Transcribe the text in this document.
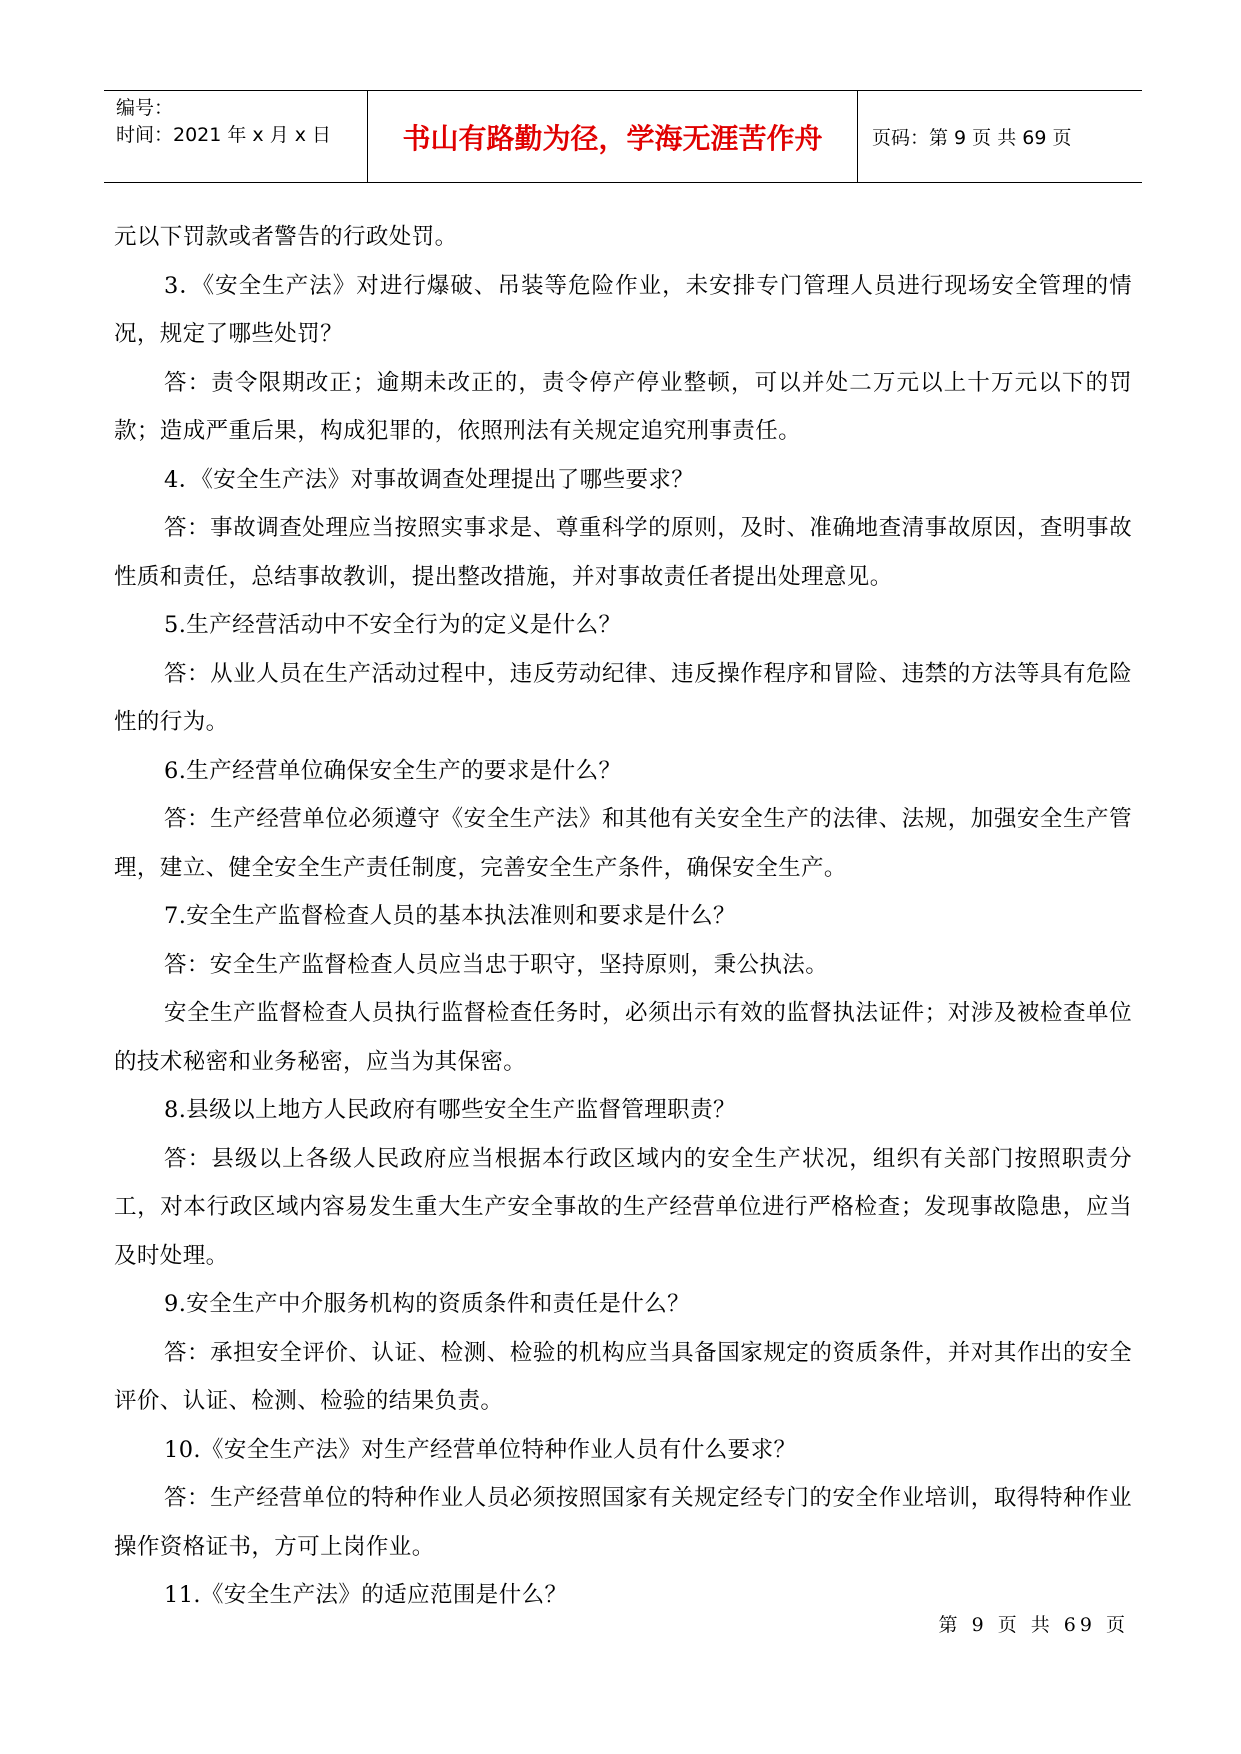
编号：
时间：2021 年 x 月 x 日	书山有路勤为径，学海无涯苦作舟	页码：第 9 页 共 69 页

元以下罚款或者警告的行政处罚。

3．《安全生产法》对进行爆破、吊装等危险作业，未安排专门管理人员进行现场安全管理的情况，规定了哪些处罚？

答：责令限期改正；逾期未改正的，责令停产停业整顿，可以并处二万元以上十万元以下的罚款；造成严重后果，构成犯罪的，依照刑法有关规定追究刑事责任。

4．《安全生产法》对事故调查处理提出了哪些要求？

答：事故调查处理应当按照实事求是、尊重科学的原则，及时、准确地查清事故原因，查明事故性质和责任，总结事故教训，提出整改措施，并对事故责任者提出处理意见。

5.生产经营活动中不安全行为的定义是什么？

答：从业人员在生产活动过程中，违反劳动纪律、违反操作程序和冒险、违禁的方法等具有危险性的行为。

6.生产经营单位确保安全生产的要求是什么？

答：生产经营单位必须遵守《安全生产法》和其他有关安全生产的法律、法规，加强安全生产管理，建立、健全安全生产责任制度，完善安全生产条件，确保安全生产。

7.安全生产监督检查人员的基本执法准则和要求是什么？

答：安全生产监督检查人员应当忠于职守，坚持原则，秉公执法。

安全生产监督检查人员执行监督检查任务时，必须出示有效的监督执法证件；对涉及被检查单位的技术秘密和业务秘密，应当为其保密。

8.县级以上地方人民政府有哪些安全生产监督管理职责？

答：县级以上各级人民政府应当根据本行政区域内的安全生产状况，组织有关部门按照职责分工，对本行政区域内容易发生重大生产安全事故的生产经营单位进行严格检查；发现事故隐患，应当及时处理。

9.安全生产中介服务机构的资质条件和责任是什么？

答：承担安全评价、认证、检测、检验的机构应当具备国家规定的资质条件，并对其作出的安全评价、认证、检测、检验的结果负责。

10.《安全生产法》对生产经营单位特种作业人员有什么要求？

答：生产经营单位的特种作业人员必须按照国家有关规定经专门的安全作业培训，取得特种作业操作资格证书，方可上岗作业。

11.《安全生产法》的适应范围是什么？

第 9 页 共 69 页
